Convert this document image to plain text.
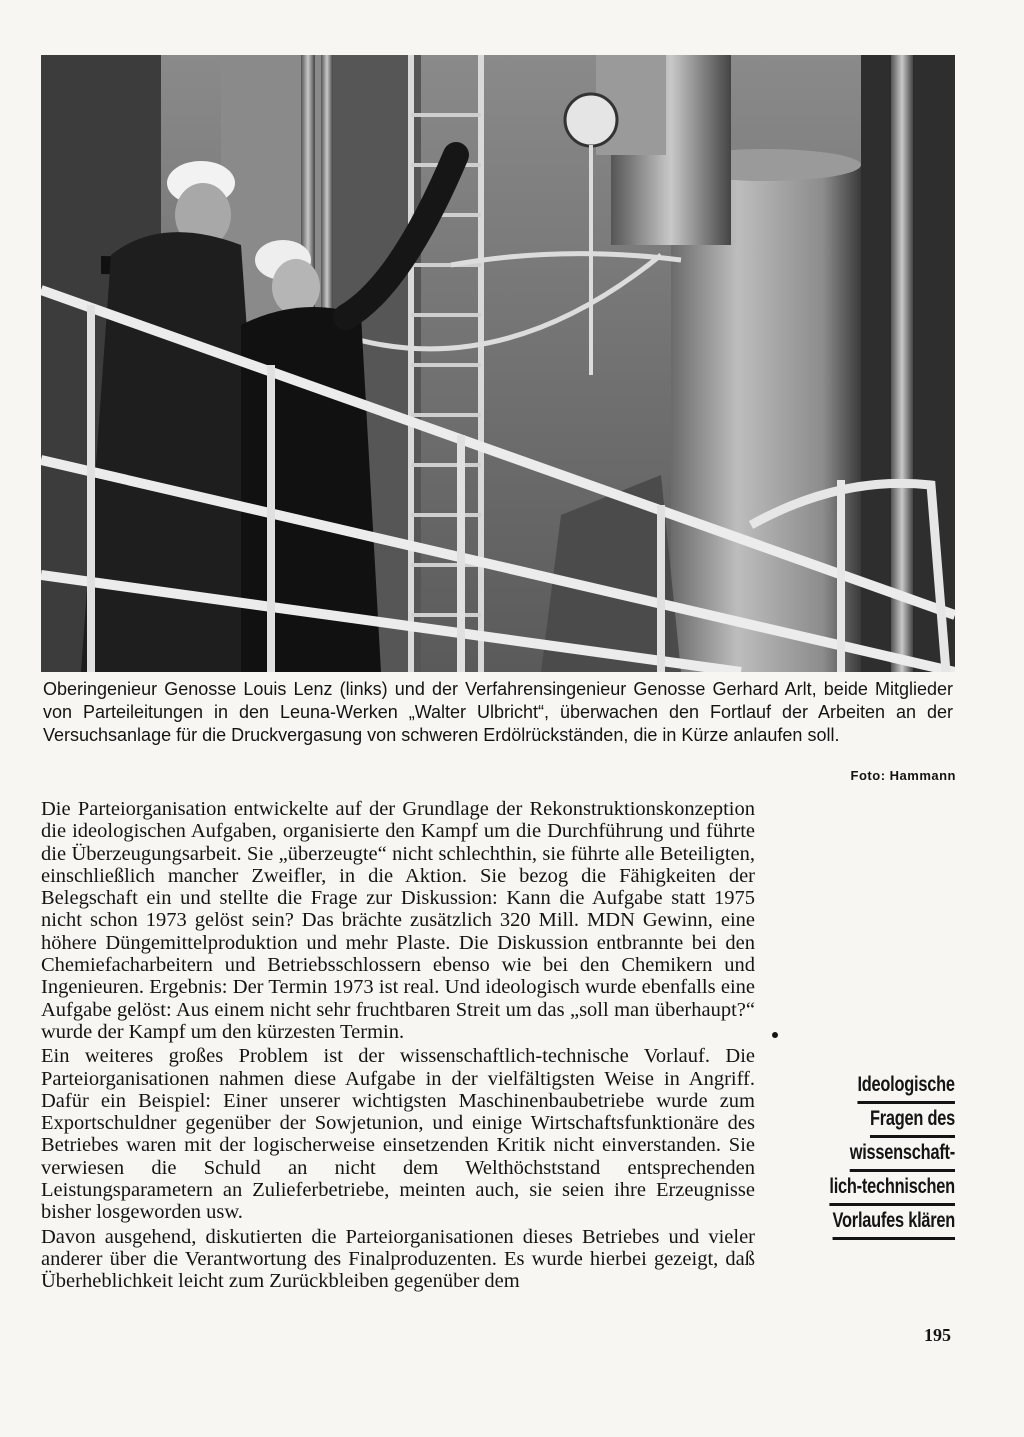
Oberingenieur Genosse Louis Lenz (links) und der Verfahrensingenieur Genosse Gerhard Arlt, beide Mitglieder von Parteileitungen in den Leuna-Werken „Walter Ulbricht“, überwachen den Fortlauf der Arbeiten an der Versuchsanlage für die Druckvergasung von schweren Erdölrückständen, die in Kürze anlaufen soll.

Foto: Hammann

Die Parteiorganisation entwickelte auf der Grundlage der Rekonstruktionskonzeption die ideologischen Aufgaben, organisierte den Kampf um die Durchführung und führte die Überzeugungsarbeit. Sie „überzeugte“ nicht schlechthin, sie führte alle Beteiligten, einschließlich mancher Zweifler, in die Aktion. Sie bezog die Fähigkeiten der Belegschaft ein und stellte die Frage zur Diskussion: Kann die Aufgabe statt 1975 nicht schon 1973 gelöst sein? Das brächte zusätzlich 320 Mill. MDN Gewinn, eine höhere Düngemittelproduktion und mehr Plaste. Die Diskussion entbrannte bei den Chemiefacharbeitern und Betriebsschlossern ebenso wie bei den Chemikern und Ingenieuren. Ergebnis: Der Termin 1973 ist real. Und ideologisch wurde ebenfalls eine Aufgabe gelöst: Aus einem nicht sehr fruchtbaren Streit um das „soll man überhaupt?“ wurde der Kampf um den kürzesten Termin.

Ein weiteres großes Problem ist der wissenschaftlich-technische Vorlauf. Die Parteiorganisationen nahmen diese Aufgabe in der vielfältigsten Weise in Angriff. Dafür ein Beispiel: Einer unserer wichtigsten Maschinenbaubetriebe wurde zum Exportschuldner gegenüber der Sowjetunion, und einige Wirtschaftsfunktionäre des Betriebes waren mit der logischerweise einsetzenden Kritik nicht einverstanden. Sie verwiesen die Schuld an nicht dem Welthöchststand entsprechenden Leistungsparametern an Zulieferbetriebe, meinten auch, sie seien ihre Erzeugnisse bisher losgeworden usw.

Davon ausgehend, diskutierten die Parteiorganisationen dieses Betriebes und vieler anderer über die Verantwortung des Finalproduzenten. Es wurde hierbei gezeigt, daß Überheblichkeit leicht zum Zurückbleiben gegenüber dem

Ideologische
Fragen des
wissenschaft-
lich-technischen
Vorlaufes klären

195
